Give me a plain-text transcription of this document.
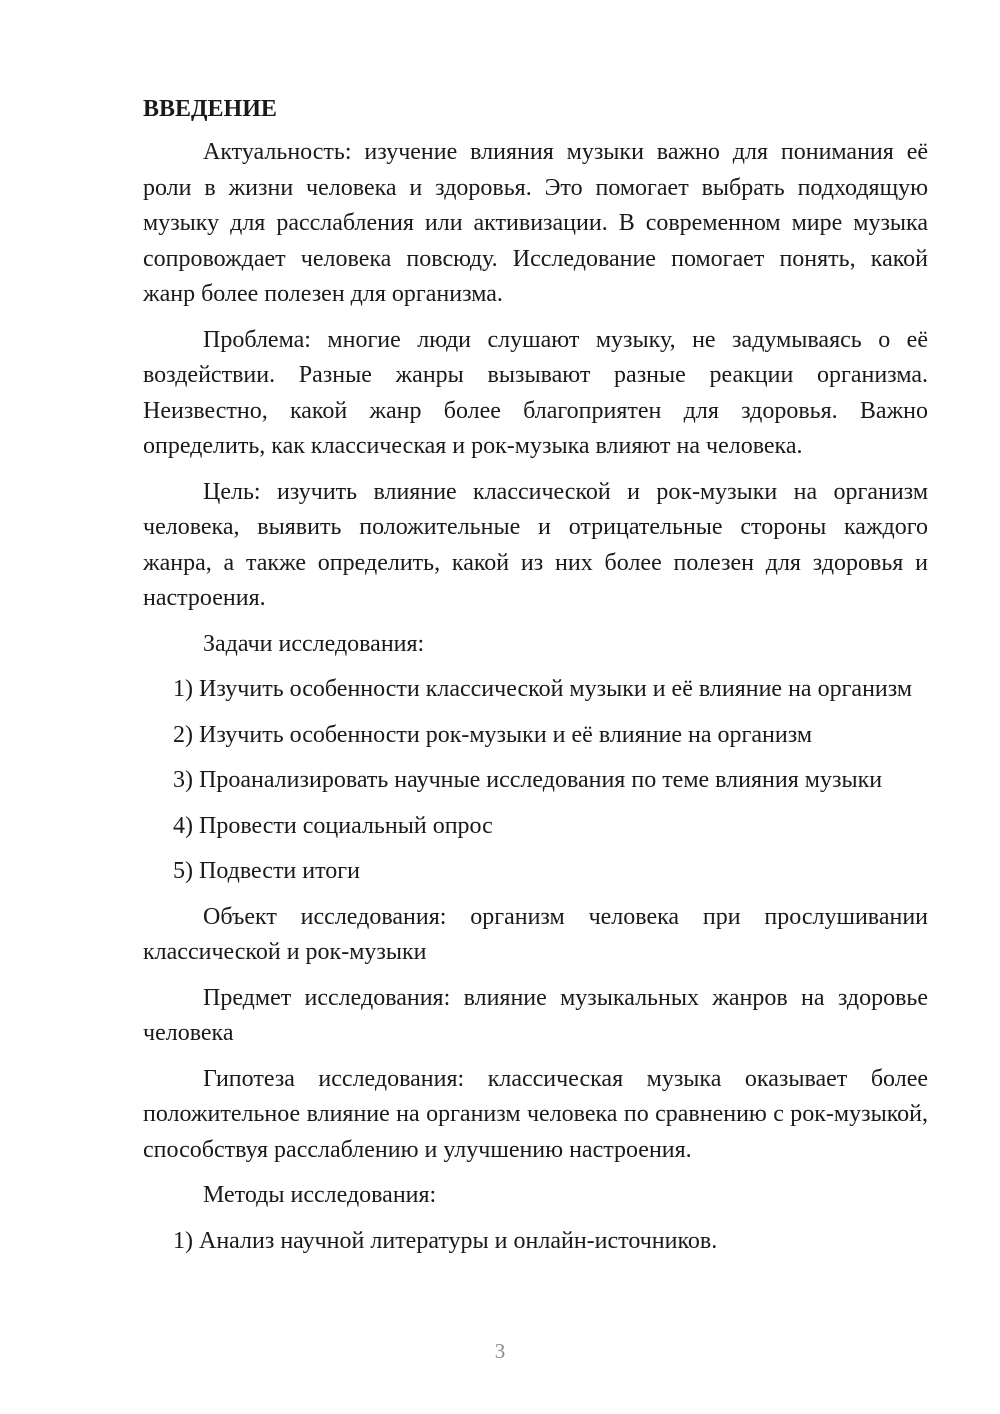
ВВЕДЕНИЕ

Актуальность: изучение влияния музыки важно для понимания её роли в жизни человека и здоровья. Это помогает выбрать подходящую музыку для расслабления или активизации. В современном мире музыка сопровождает человека повсюду. Исследование помогает понять, какой жанр более полезен для организма.

Проблема: многие люди слушают музыку, не задумываясь о её воздействии. Разные жанры вызывают разные реакции организма. Неизвестно, какой жанр более благоприятен для здоровья. Важно определить, как классическая и рок-музыка влияют на человека.

Цель: изучить влияние классической и рок-музыки на организм человека, выявить положительные и отрицательные стороны каждого жанра, а также определить, какой из них более полезен для здоровья и настроения.

Задачи исследования:

1) Изучить особенности классической музыки и её влияние на организм

2) Изучить особенности рок-музыки и её влияние на организм

3) Проанализировать научные исследования по теме влияния музыки

4) Провести социальный опрос

5) Подвести итоги

Объект исследования: организм человека при прослушивании классической и рок-музыки

Предмет исследования: влияние музыкальных жанров на здоровье человека

Гипотеза исследования: классическая музыка оказывает более положительное влияние на организм человека по сравнению с рок-музыкой, способствуя расслаблению и улучшению настроения.

Методы исследования:

1) Анализ научной литературы и онлайн-источников.

3
